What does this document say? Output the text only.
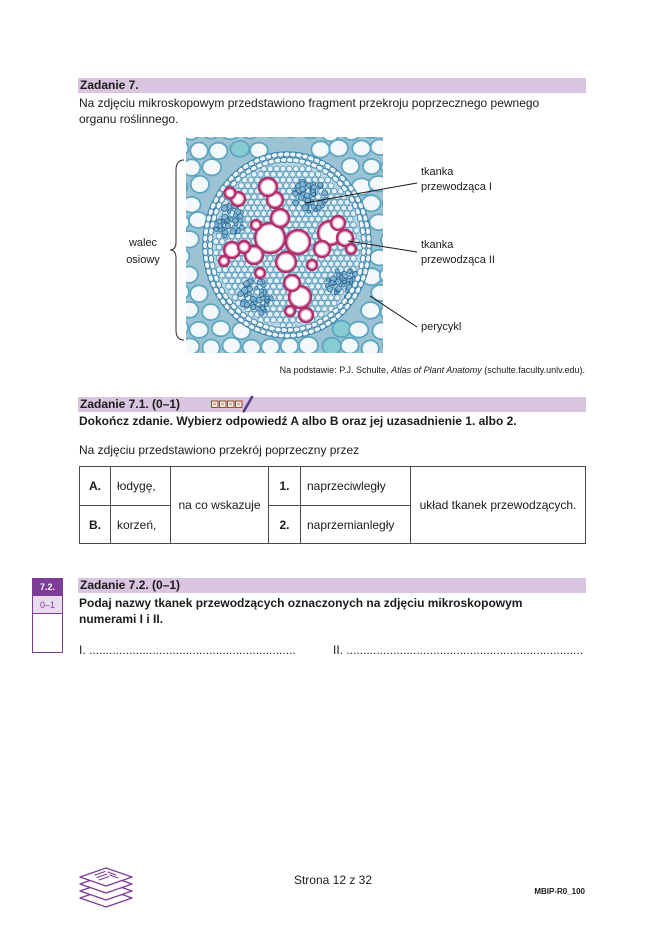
Zadanie 7.
Na zdjęciu mikroskopowym przedstawiono fragment przekroju poprzecznego pewnego
organu roślinnego.
walec
osiowy
tkanka
przewodząca I
tkanka
przewodząca II
perycykl
Na podstawie: P.J. Schulte, Atlas of Plant Anatomy (schulte.faculty.unlv.edu).
Zadanie 7.1. (0–1)
Dokończ zdanie. Wybierz odpowiedź A albo B oraz jej uzasadnienie 1. albo 2.
Na zdjęciu przedstawiono przekrój poprzeczny przez
A.	łodygę,	na co wskazuje	1.	naprzeciwległy	układ tkanek przewodzących.
B.	korzeń,		2.	naprzemianległy	
7.2.
0–1
Zadanie 7.2. (0–1)
Podaj nazwy tkanek przewodzących oznaczonych na zdjęciu mikroskopowym
numerami I i II.
I. ..............................................................	II. .......................................................................
Strona 12 z 32
MBIP-R0_100
